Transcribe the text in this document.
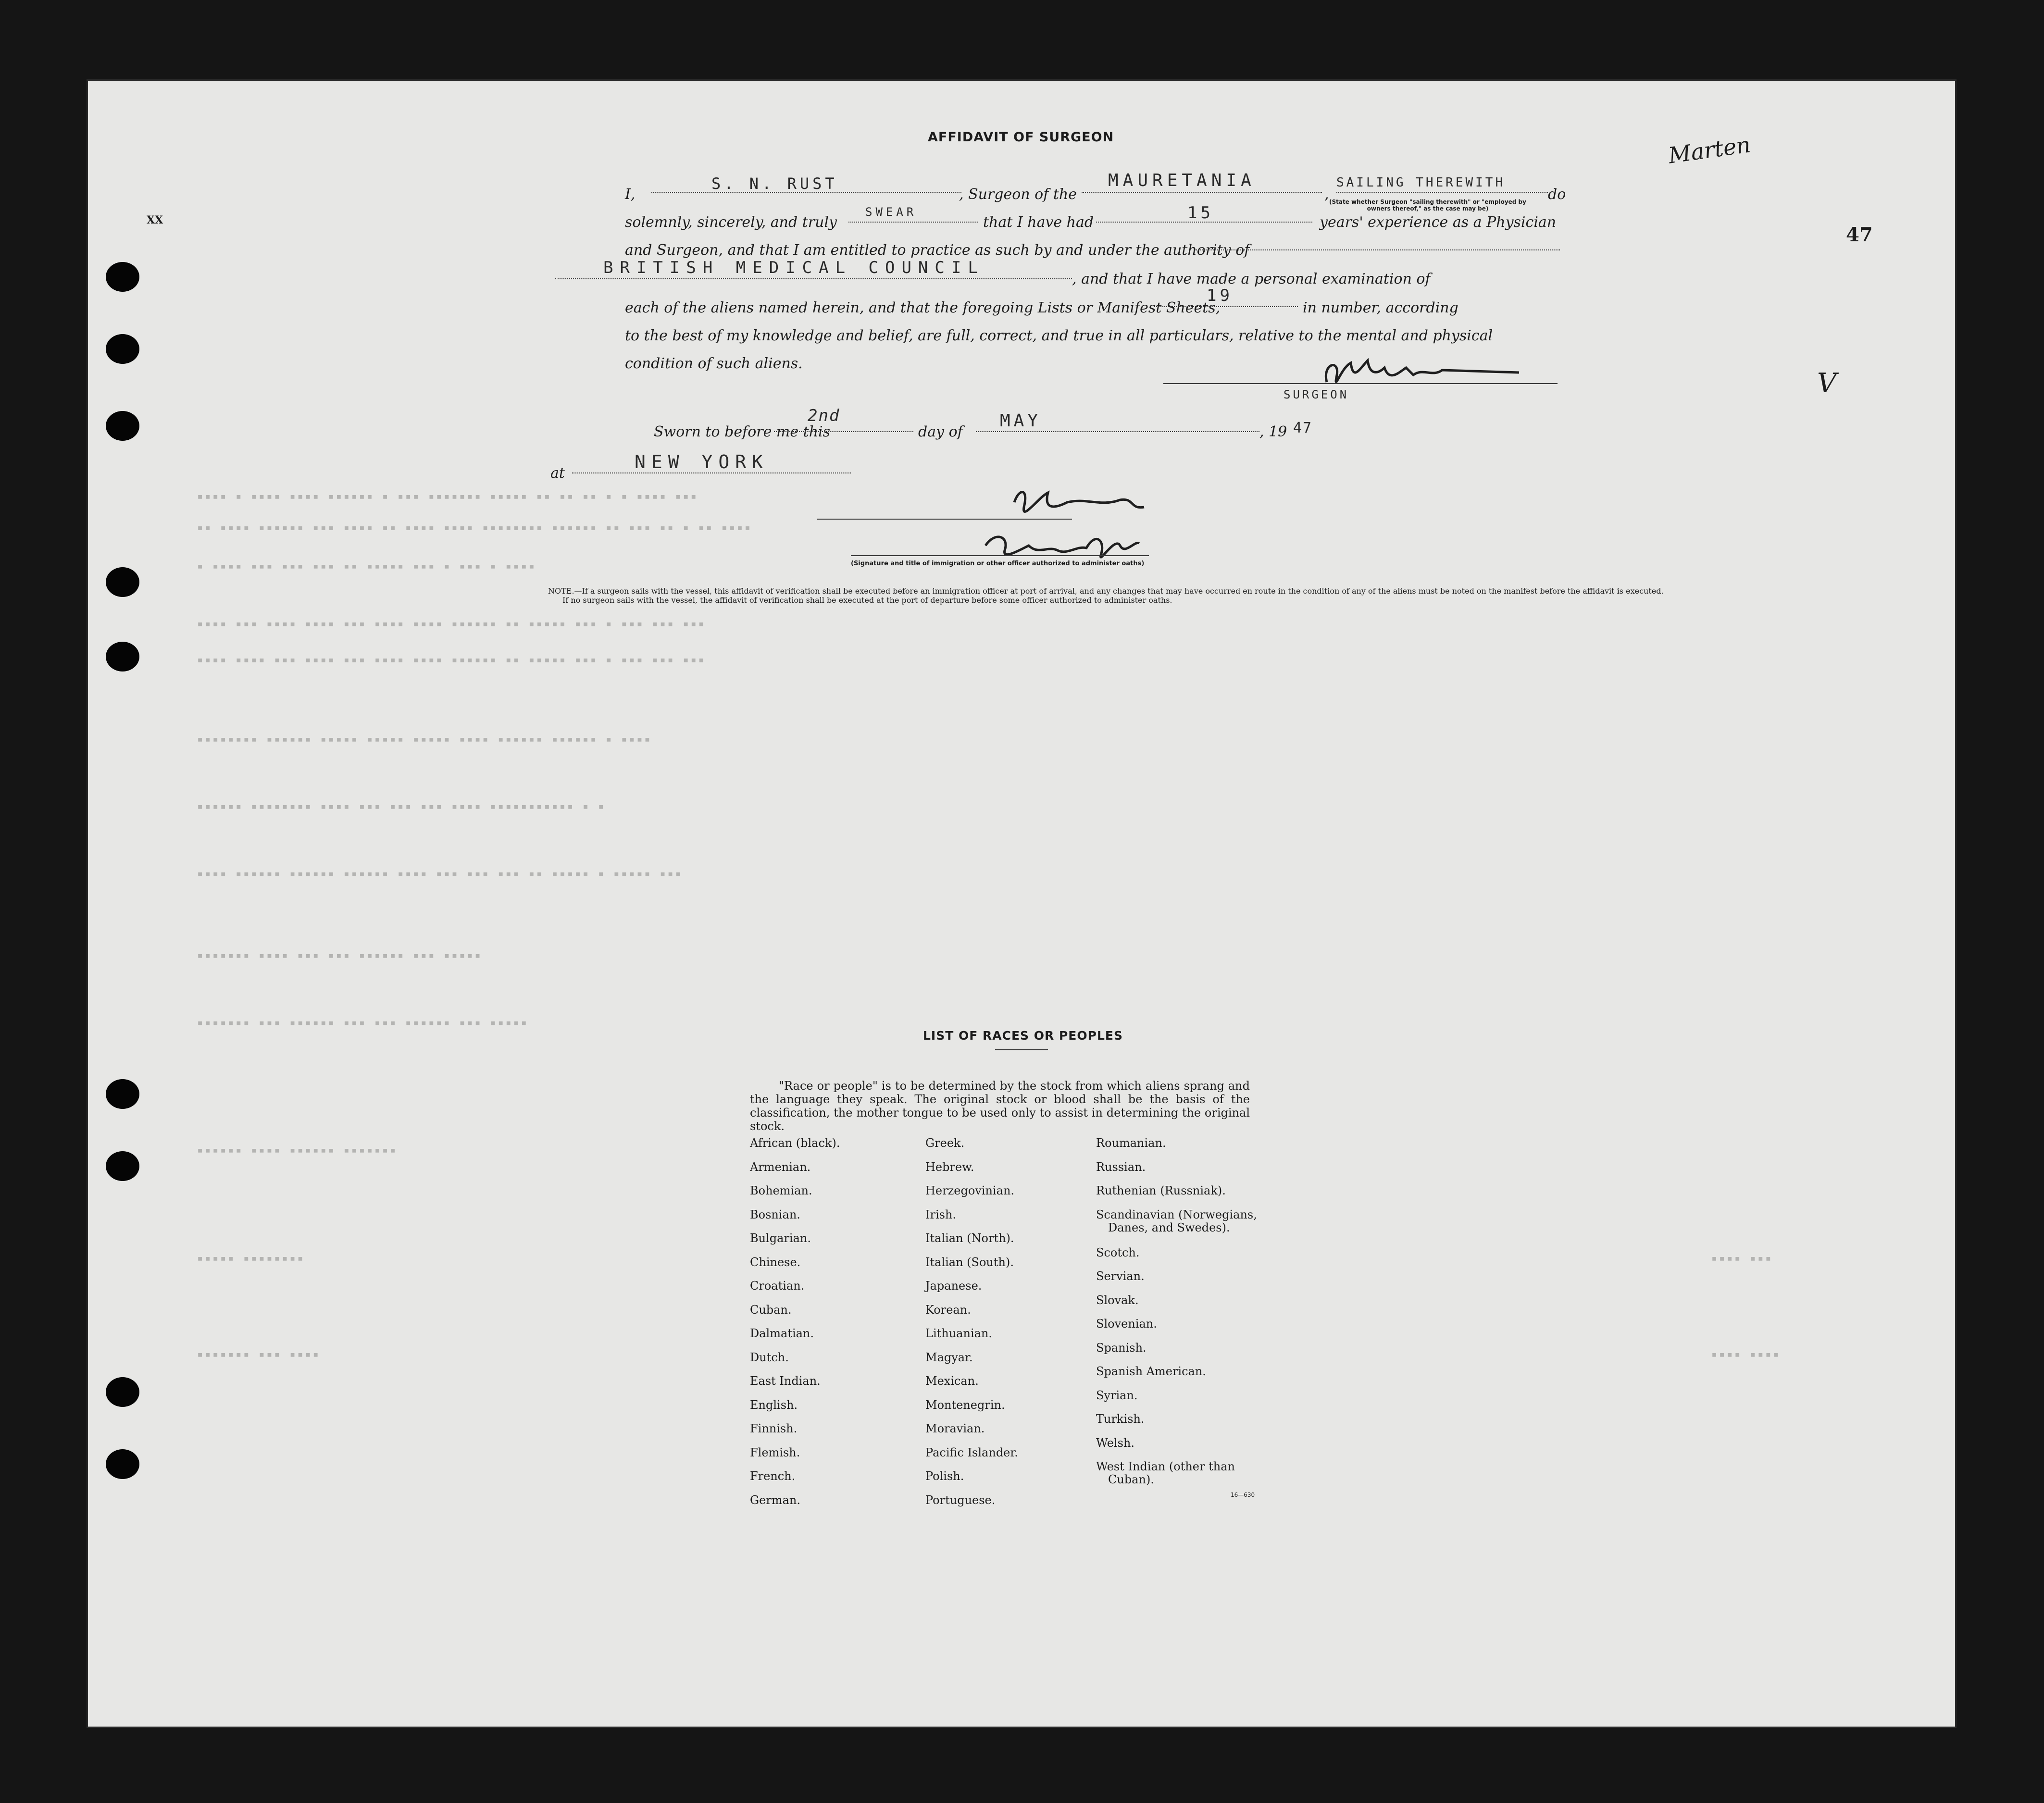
47
Marten
V
XX
▪▪▪▪ ▪ ▪▪▪▪ ▪▪▪▪ ▪▪▪▪▪▪ ▪ ▪▪▪ ▪▪▪▪▪▪▪ ▪▪▪▪▪ ▪▪ ▪▪ ▪▪ ▪ ▪ ▪▪▪▪ ▪▪▪
▪▪ ▪▪▪▪ ▪▪▪▪▪▪ ▪▪▪ ▪▪▪▪ ▪▪ ▪▪▪▪ ▪▪▪▪ ▪▪▪▪▪▪▪▪ ▪▪▪▪▪▪ ▪▪ ▪▪▪ ▪▪ ▪ ▪▪ ▪▪▪▪
▪ ▪▪▪▪ ▪▪▪ ▪▪▪ ▪▪▪ ▪▪ ▪▪▪▪▪ ▪▪▪ ▪ ▪▪▪ ▪ ▪▪▪▪
▪▪▪▪ ▪▪▪ ▪▪▪▪ ▪▪▪▪ ▪▪▪ ▪▪▪▪ ▪▪▪▪ ▪▪▪▪▪▪ ▪▪ ▪▪▪▪▪ ▪▪▪ ▪ ▪▪▪ ▪▪▪ ▪▪▪
▪▪▪▪ ▪▪▪▪ ▪▪▪ ▪▪▪▪ ▪▪▪ ▪▪▪▪ ▪▪▪▪ ▪▪▪▪▪▪ ▪▪ ▪▪▪▪▪ ▪▪▪ ▪ ▪▪▪ ▪▪▪ ▪▪▪
▪▪▪▪▪▪▪▪ ▪▪▪▪▪▪ ▪▪▪▪▪ ▪▪▪▪▪ ▪▪▪▪▪ ▪▪▪▪ ▪▪▪▪▪▪ ▪▪▪▪▪▪ ▪ ▪▪▪▪
▪▪▪▪▪▪ ▪▪▪▪▪▪▪▪ ▪▪▪▪ ▪▪▪ ▪▪▪ ▪▪▪ ▪▪▪▪ ▪▪▪▪▪▪▪▪▪▪▪ ▪ ▪
▪▪▪▪ ▪▪▪▪▪▪ ▪▪▪▪▪▪ ▪▪▪▪▪▪ ▪▪▪▪ ▪▪▪ ▪▪▪ ▪▪▪ ▪▪ ▪▪▪▪▪ ▪ ▪▪▪▪▪ ▪▪▪
▪▪▪▪▪▪▪ ▪▪▪▪ ▪▪▪ ▪▪▪ ▪▪▪▪▪▪ ▪▪▪ ▪▪▪▪▪
▪▪▪▪▪▪▪ ▪▪▪ ▪▪▪▪▪▪ ▪▪▪ ▪▪▪ ▪▪▪▪▪▪ ▪▪▪ ▪▪▪▪▪
▪▪▪▪▪▪ ▪▪▪▪ ▪▪▪▪▪▪ ▪▪▪▪▪▪▪
▪▪▪▪▪ ▪▪▪▪▪▪▪▪
▪▪▪▪▪▪▪ ▪▪▪ ▪▪▪▪
▪▪▪▪ ▪▪▪
▪▪▪▪ ▪▪▪▪
AFFIDAVIT OF SURGEON
I,
S. N. RUST
, Surgeon of the
MAURETANIA
,
SAILING THEREWITH
do
(State whether Surgeon "sailing therewith" or "employed by owners thereof," as the case may be)
solemnly, sincerely, and truly
SWEAR
that I have had	15	years' experience as a Physician
and Surgeon, and that I am entitled to practice as such by and under the authority of
BRITISH MEDICAL COUNCIL
, and that I have made a personal examination of
each of the aliens named herein, and that the foregoing Lists or Manifest Sheets,
19
in number, according
to the best of my knowledge and belief, are full, correct, and true in all particulars, relative to the mental and physical
condition of such aliens.
SURGEON
Sworn to before me this
2nd
day of
MAY
, 19 47
at
NEW YORK
(Signature and title of immigration or other officer authorized to administer oaths)
NOTE.—If a surgeon sails with the vessel, this affidavit of verification shall be executed before an immigration officer at port of arrival, and any changes that may have occurred en route in the condition of any of the aliens must be noted on the manifest before the affidavit is executed.
If no surgeon sails with the vessel, the affidavit of verification shall be executed at the port of departure before some officer authorized to administer oaths.
LIST OF RACES OR PEOPLES
"Race or people" is to be determined by the stock from which aliens sprang and the language they speak. The original stock or blood shall be the basis of the classification, the mother tongue to be used only to assist in determining the original stock.
African (black).
Armenian.
Bohemian.
Bosnian.
Bulgarian.
Chinese.
Croatian.
Cuban.
Dalmatian.
Dutch.
East Indian.
English.
Finnish.
Flemish.
French.
German.
Greek.
Hebrew.
Herzegovinian.
Irish.
Italian (North).
Italian (South).
Japanese.
Korean.
Lithuanian.
Magyar.
Mexican.
Montenegrin.
Moravian.
Pacific Islander.
Polish.
Portuguese.
Roumanian.
Russian.
Ruthenian (Russniak).
Scandinavian (Norwegians,
Danes, and Swedes).
Scotch.
Servian.
Slovak.
Slovenian.
Spanish.
Spanish American.
Syrian.
Turkish.
Welsh.
West Indian (other than
Cuban).
16—630
